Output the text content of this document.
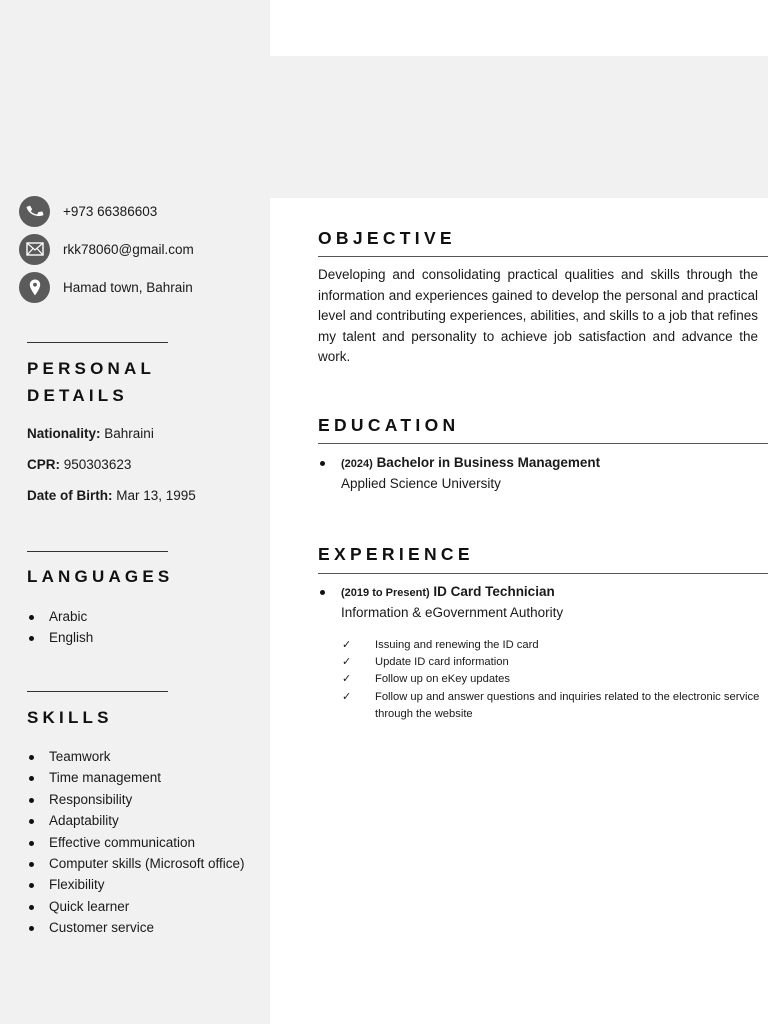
+973 66386603
rkk78060@gmail.com
Hamad town, Bahrain
PERSONAL
DETAILS
Nationality: Bahraini
CPR: 950303623
Date of Birth: Mar 13, 1995
LANGUAGES
Arabic
English
SKILLS
Teamwork
Time management
Responsibility
Adaptability
Effective communication
Computer skills (Microsoft office)
Flexibility
Quick learner
Customer service
OBJECTIVE
Developing and consolidating practical qualities and skills through the information and experiences gained to develop the personal and practical level and contributing experiences, abilities, and skills to a job that refines my talent and personality to achieve job satisfaction and advance the work.
EDUCATION
(2024) Bachelor in Business Management
Applied Science University
EXPERIENCE
(2019 to Present) ID Card Technician
Information & eGovernment Authority
✓ Issuing and renewing the ID card
✓ Update ID card information
✓ Follow up on eKey updates
✓ Follow up and answer questions and inquiries related to the electronic service through the website
